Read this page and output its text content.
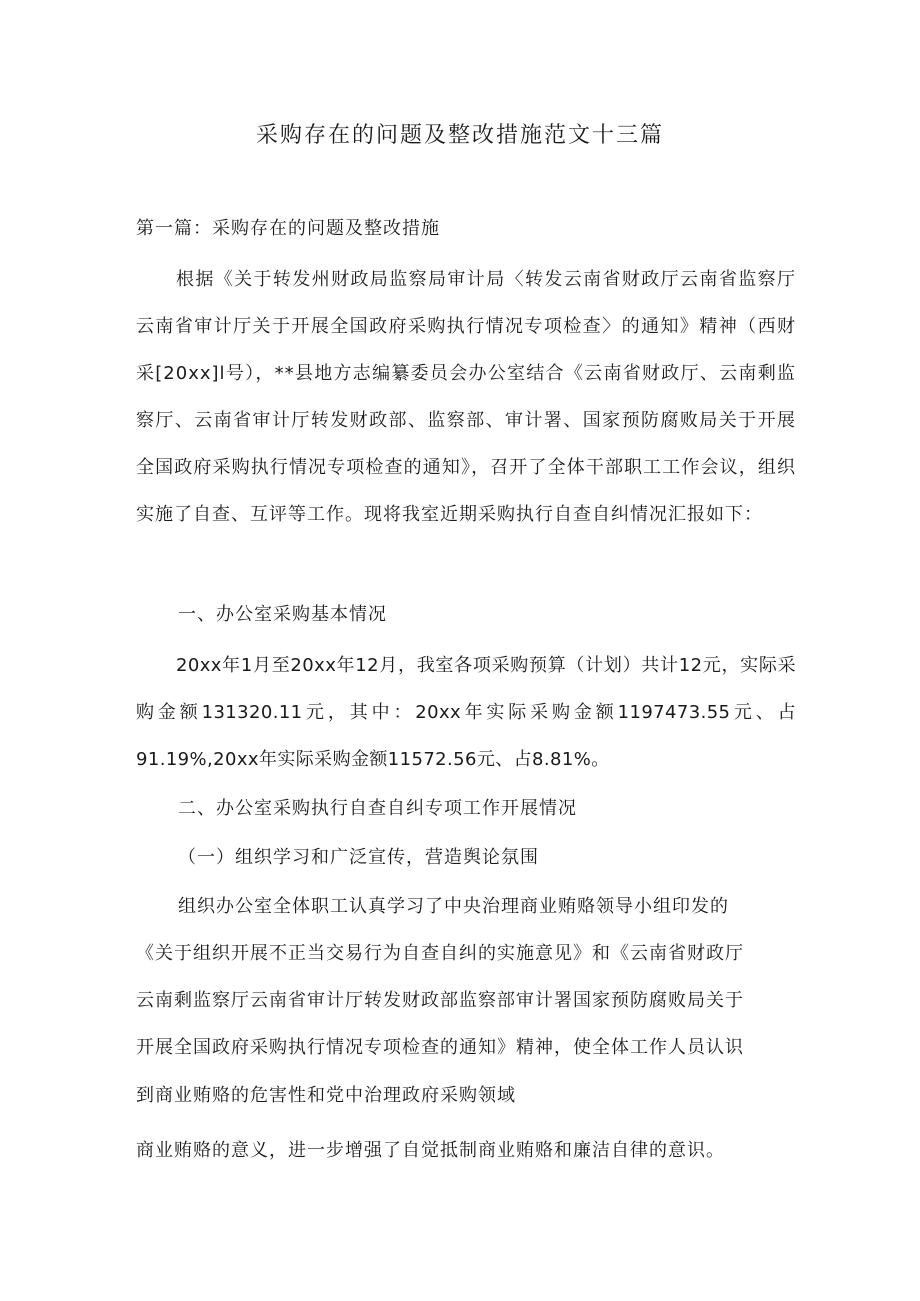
采购存在的问题及整改措施范文十三篇
第一篇：采购存在的问题及整改措施
根据《关于转发州财政局监察局审计局〈转发云南省财政厅云南省监察厅云南省审计厅关于开展全国政府采购执行情况专项检查〉的通知》精神（西财采[20xx]l号），**县地方志编纂委员会办公室结合《云南省财政厅、云南剩监察厅、云南省审计厅转发财政部、监察部、审计署、国家预防腐败局关于开展全国政府采购执行情况专项检查的通知》，召开了全体干部职工工作会议，组织实施了自查、互评等工作。现将我室近期采购执行自查自纠情况汇报如下：
一、办公室采购基本情况
20xx年1月至20xx年12月，我室各项采购预算（计划）共计12元，实际采购金额131320.11元，其中：20xx年实际采购金额1197473.55元、占91.19%,20xx年实际采购金额11572.56元、占8.81%。
二、办公室采购执行自查自纠专项工作开展情况
（一）组织学习和广泛宣传，营造舆论氛围
组织办公室全体职工认真学习了中央治理商业贿赂领导小组印发的
《关于组织开展不正当交易行为自查自纠的实施意见》和《云南省财政厅
云南剩监察厅云南省审计厅转发财政部监察部审计署国家预防腐败局关于
开展全国政府采购执行情况专项检查的通知》精神，使全体工作人员认识
到商业贿赂的危害性和党中治理政府采购领域
商业贿赂的意义，进一步增强了自觉抵制商业贿赂和廉洁自律的意识。
